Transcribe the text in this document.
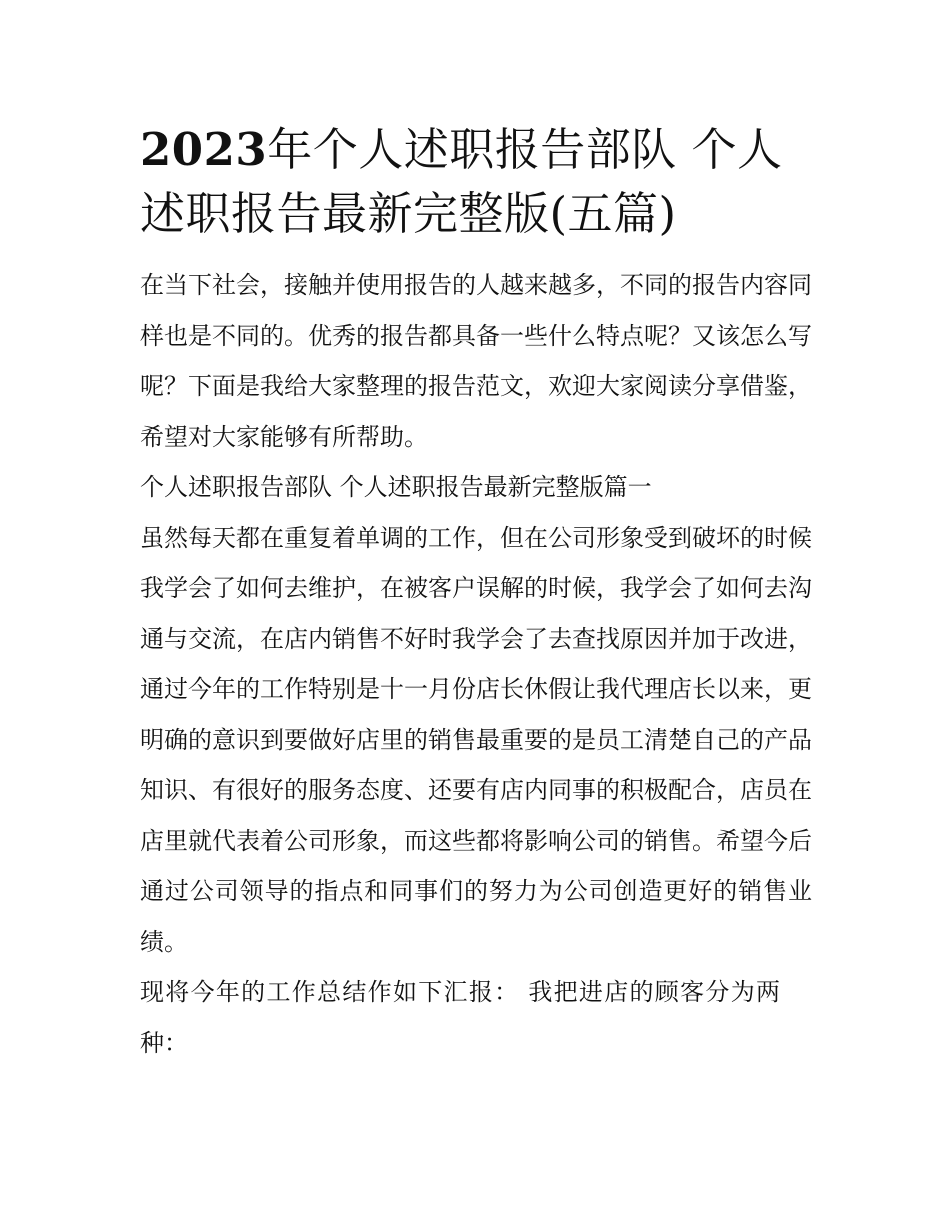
2023年个人述职报告部队 个人述职报告最新完整版(五篇)

在当下社会，接触并使用报告的人越来越多，不同的报告内容同样也是不同的。优秀的报告都具备一些什么特点呢？又该怎么写呢？下面是我给大家整理的报告范文，欢迎大家阅读分享借鉴，希望对大家能够有所帮助。

个人述职报告部队 个人述职报告最新完整版篇一

虽然每天都在重复着单调的工作，但在公司形象受到破坏的时候我学会了如何去维护，在被客户误解的时候，我学会了如何去沟通与交流，在店内销售不好时我学会了去查找原因并加于改进，通过今年的工作特别是十一月份店长休假让我代理店长以来，更明确的意识到要做好店里的销售最重要的是员工清楚自己的产品知识、有很好的服务态度、还要有店内同事的积极配合，店员在店里就代表着公司形象，而这些都将影响公司的销售。希望今后通过公司领导的指点和同事们的努力为公司创造更好的销售业绩。

现将今年的工作总结作如下汇报： 我把进店的顾客分为两种：
